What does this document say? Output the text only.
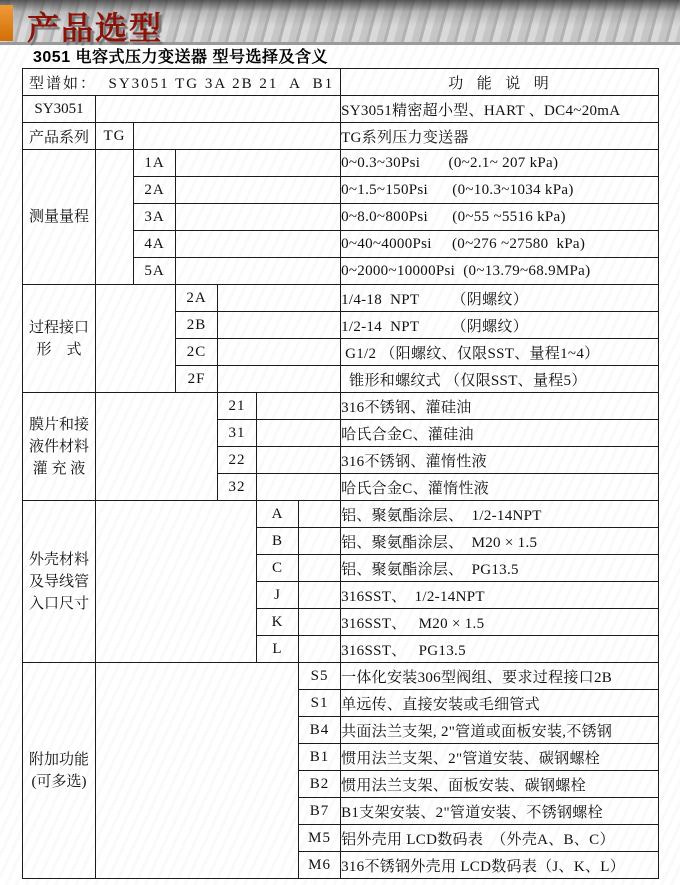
产品选型
3051 电容式压力变送器 型号选择及含义
型谱如：  SY3051 TG 3A 2B 21  A  B1							功  能  说  明
SY3051							SY3051精密超小型、HART 、DC4~20mA
产品系列	TG						TG系列压力变送器

测量量程		1A					0~0.3~30Psi       (0~2.1~ 207 kPa)
		2A					0~1.5~150Psi      (0~10.3~1034 kPa)
		3A					0~8.0~800Psi      (0~55 ~5516 kPa)
		4A					0~40~4000Psi     (0~276 ~27580  kPa)
		5A					0~2000~10000Psi  (0~13.79~68.9MPa)

过程接口
形　式			2A				1/4-18  NPT        （阴螺纹）
			2B				1/2-14  NPT        （阴螺纹）
			2C				G1/2 （阳螺纹、仅限SST、量程1~4）
			2F				锥形和螺纹式 （仅限SST、量程5）

膜片和接
液件材料
灌 充 液				21			316不锈钢、灌硅油
				31			哈氏合金C、灌硅油
				22			316不锈钢、灌惰性液
				32			哈氏合金C、灌惰性液

外壳材料
及导线管
入口尺寸					A		铝、聚氨酯涂层、  1/2-14NPT
					B		铝、聚氨酯涂层、  M20 × 1.5
					C		铝、聚氨酯涂层、  PG13.5
					J		316SST、  1/2-14NPT
					K		316SST、   M20 × 1.5
					L		316SST、   PG13.5

附加功能
(可多选)						S5	一体化安装306型阀组、要求过程接口2B
						S1	单远传、直接安装或毛细管式
						B4	共面法兰支架, 2"管道或面板安装,不锈钢
						B1	惯用法兰支架、2"管道安装、碳钢螺栓
						B2	惯用法兰支架、面板安装、碳钢螺栓
						B7	B1支架安装、2"管道安装、不锈钢螺栓
						M5	铝外壳用 LCD数码表  （外壳A、B、C）
						M6	316不锈钢外壳用 LCD数码表（J、K、L）
